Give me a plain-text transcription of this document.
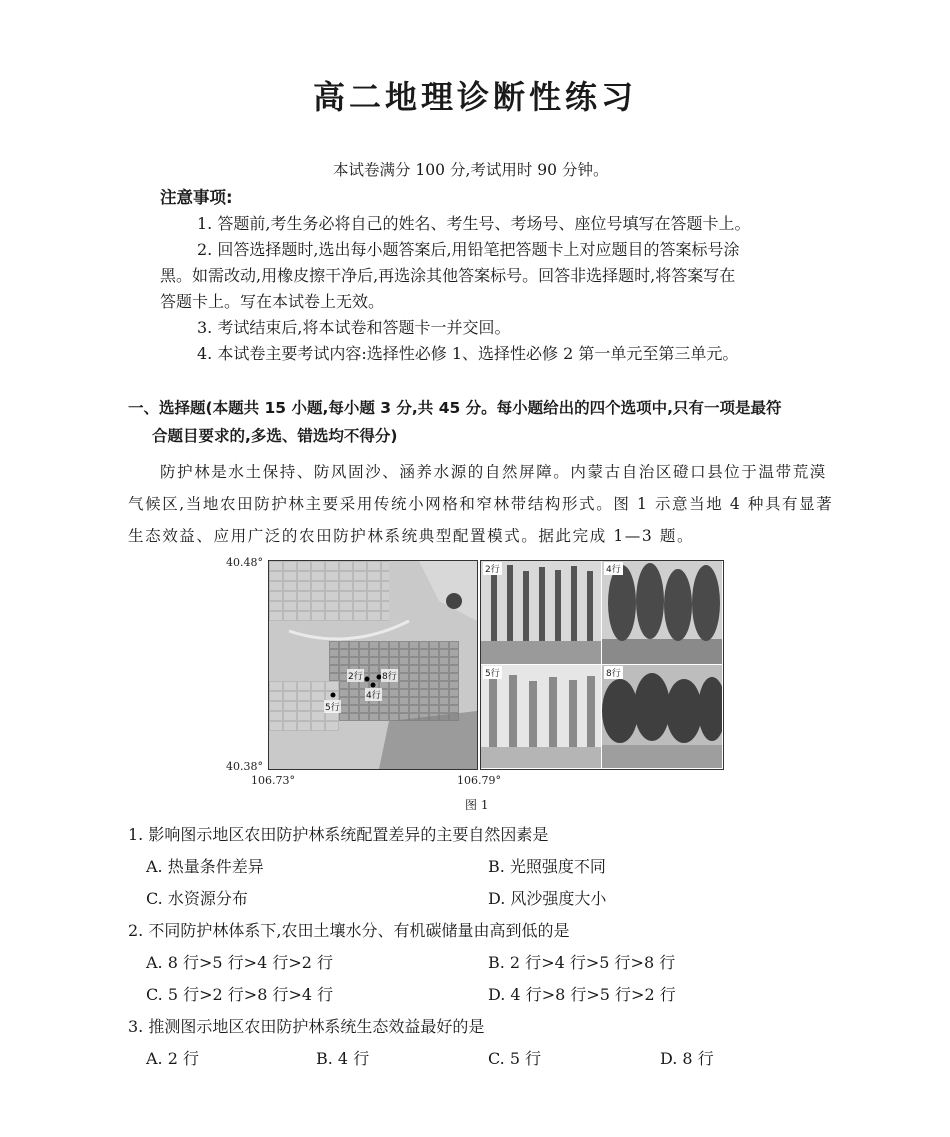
高二地理诊断性练习
本试卷满分 100 分,考试用时 90 分钟。
注意事项:
1. 答题前,考生务必将自己的姓名、考生号、考场号、座位号填写在答题卡上。
2. 回答选择题时,选出每小题答案后,用铅笔把答题卡上对应题目的答案标号涂
黑。如需改动,用橡皮擦干净后,再选涂其他答案标号。回答非选择题时,将答案写在
答题卡上。写在本试卷上无效。
3. 考试结束后,将本试卷和答题卡一并交回。
4. 本试卷主要考试内容:选择性必修 1、选择性必修 2 第一单元至第三单元。
一、选择题(本题共 15 小题,每小题 3 分,共 45 分。每小题给出的四个选项中,只有一项是最符
合题目要求的,多选、错选均不得分)
防护林是水土保持、防风固沙、涵养水源的自然屏障。内蒙古自治区磴口县位于温带荒漠
气候区,当地农田防护林主要采用传统小网格和窄林带结构形式。图 1 示意当地 4 种具有显著
生态效益、应用广泛的农田防护林系统典型配置模式。据此完成 1—3 题。
40.48°
40.38°
106.73°	106.79°
2行 8行
4行
5行
2行	4行
5行	8行
图 1
1. 影响图示地区农田防护林系统配置差异的主要自然因素是
A. 热量条件差异	B. 光照强度不同
C. 水资源分布	D. 风沙强度大小
2. 不同防护林体系下,农田土壤水分、有机碳储量由高到低的是
A. 8 行>5 行>4 行>2 行	B. 2 行>4 行>5 行>8 行
C. 5 行>2 行>8 行>4 行	D. 4 行>8 行>5 行>2 行
3. 推测图示地区农田防护林系统生态效益最好的是
A. 2 行	B. 4 行	C. 5 行	D. 8 行
